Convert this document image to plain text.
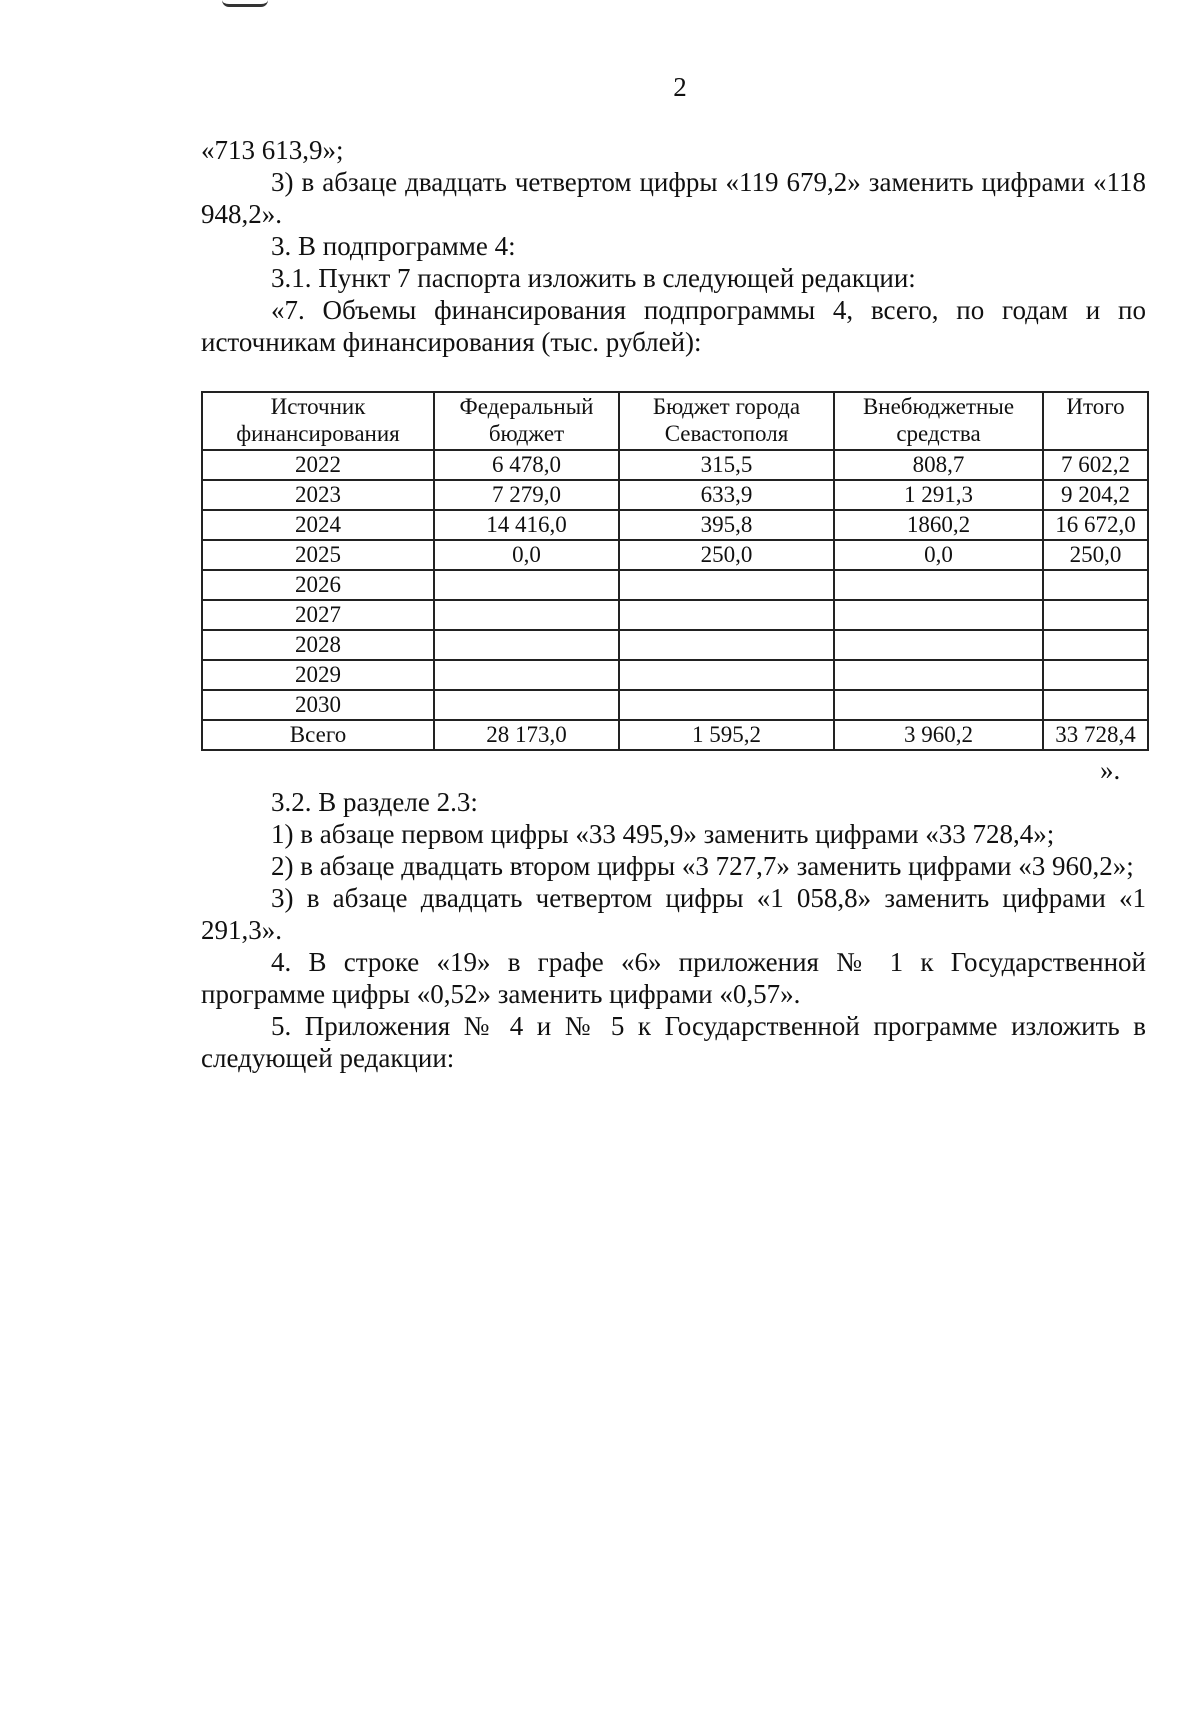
2

«713 613,9»;

3) в абзаце двадцать четвертом цифры «119 679,2» заменить цифрами «118 948,2».

3. В подпрограмме 4:

3.1. Пункт 7 паспорта изложить в следующей редакции:

«7. Объемы финансирования подпрограммы 4, всего, по годам и по источникам финансирования (тыс. рублей):

Источник финансирования	Федеральный бюджет	Бюджет города Севастополя	Внебюджетные средства	Итого
2022	6 478,0	315,5	808,7	7 602,2
2023	7 279,0	633,9	1 291,3	9 204,2
2024	14 416,0	395,8	1860,2	16 672,0
2025	0,0	250,0	0,0	250,0
2026				
2027				
2028				
2029				
2030				
Всего	28 173,0	1 595,2	3 960,2	33 728,4
».

3.2. В разделе 2.3:

1) в абзаце первом цифры «33 495,9» заменить цифрами «33 728,4»;

2) в абзаце двадцать втором цифры «3 727,7» заменить цифрами «3 960,2»;

3) в абзаце двадцать четвертом цифры «1 058,8» заменить цифрами «1 291,3».

4. В строке «19» в графе «6» приложения № 1 к Государственной программе цифры «0,52» заменить цифрами «0,57».

5. Приложения № 4 и № 5 к Государственной программе изложить в следующей редакции:
